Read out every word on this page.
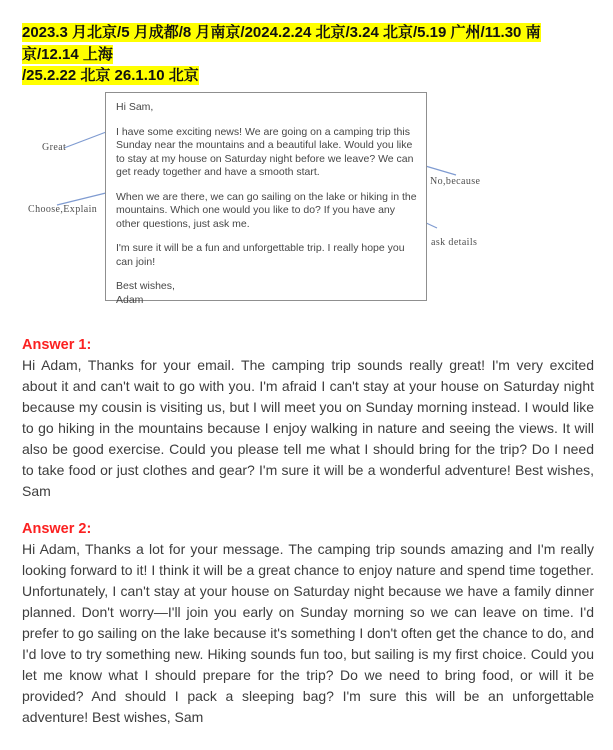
2023.3 月北京/5 月成都/8 月南京/2024.2.24 北京/3.24 北京/5.19 广州/11.30 南京/12.14 上海
/25.2.22 北京 26.1.10 北京

Hi Sam,

I have some exciting news! We are going on a camping trip this Sunday near the mountains and a beautiful lake. Would you like to stay at my house on Saturday night before we leave? We can get ready together and have a smooth start.

When we are there, we can go sailing on the lake or hiking in the mountains. Which one would you like to do? If you have any other questions, just ask me.

I'm sure it will be a fun and unforgettable trip. I really hope you can join!

Best wishes,

Adam

Great
Choose,Explain
No,because
ask details
Answer 1:

Hi Adam, Thanks for your email. The camping trip sounds really great! I'm very excited about it and can't wait to go with you. I'm afraid I can't stay at your house on Saturday night because my cousin is visiting us, but I will meet you on Sunday morning instead. I would like to go hiking in the mountains because I enjoy walking in nature and seeing the views. It will also be good exercise. Could you please tell me what I should bring for the trip? Do I need to take food or just clothes and gear? I'm sure it will be a wonderful adventure! Best wishes, Sam

Answer 2:

Hi Adam, Thanks a lot for your message. The camping trip sounds amazing and I'm really looking forward to it! I think it will be a great chance to enjoy nature and spend time together. Unfortunately, I can't stay at your house on Saturday night because we have a family dinner planned. Don't worry—I'll join you early on Sunday morning so we can leave on time. I'd prefer to go sailing on the lake because it's something I don't often get the chance to do, and I'd love to try something new. Hiking sounds fun too, but sailing is my first choice. Could you let me know what I should prepare for the trip? Do we need to bring food, or will it be provided? And should I pack a sleeping bag? I'm sure this will be an unforgettable adventure! Best wishes, Sam
